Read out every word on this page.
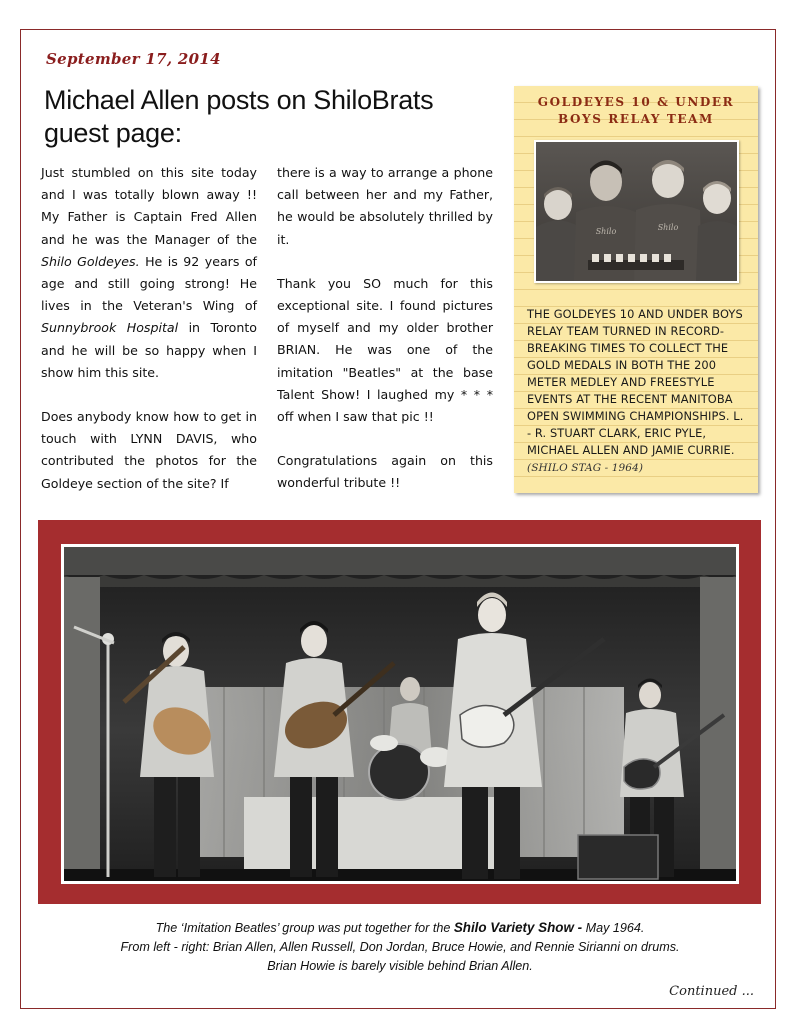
September 17, 2014
Michael Allen posts on ShiloBrats guest page:

Just stumbled on this site today and I was totally blown away !! My Father is Captain Fred Allen and he was the Manager of the Shilo Goldeyes. He is 92 years of age and still going strong! He lives in the Veteran's Wing of Sunnybrook Hospital in Toronto and he will be so happy when I show him this site.

Does anybody know how to get in touch with LYNN DAVIS, who contributed the photos for the Goldeye section of the site? If

there is a way to arrange a phone call between her and my Father, he would be absolutely thrilled by it.

Thank you SO much for this exceptional site. I found pictures of myself and my older brother BRIAN. He was one of the imitation "Beatles" at the base Talent Show! I laughed my * * * off when I saw that pic !!

Congratulations again on this wonderful tribute !!

GOLDEYES 10 & UNDER
BOYS RELAY TEAM
Shilo	Shilo
THE GOLDEYES 10 AND UNDER BOYS RELAY TEAM TURNED IN RECORD-BREAKING TIMES TO COLLECT THE GOLD MEDALS IN BOTH THE 200 METER MEDLEY AND FREESTYLE EVENTS AT THE RECENT MANITOBA OPEN SWIMMING CHAMPIONSHIPS. L. - R. STUART CLARK, ERIC PYLE, MICHAEL ALLEN AND JAMIE CURRIE. (SHILO STAG - 1964)
The ‘Imitation Beatles’ group was put together for the Shilo Variety Show - May 1964.
From left - right: Brian Allen, Allen Russell, Don Jordan, Bruce Howie, and Rennie Sirianni on drums.
Brian Howie is barely visible behind Brian Allen.
Continued ...
